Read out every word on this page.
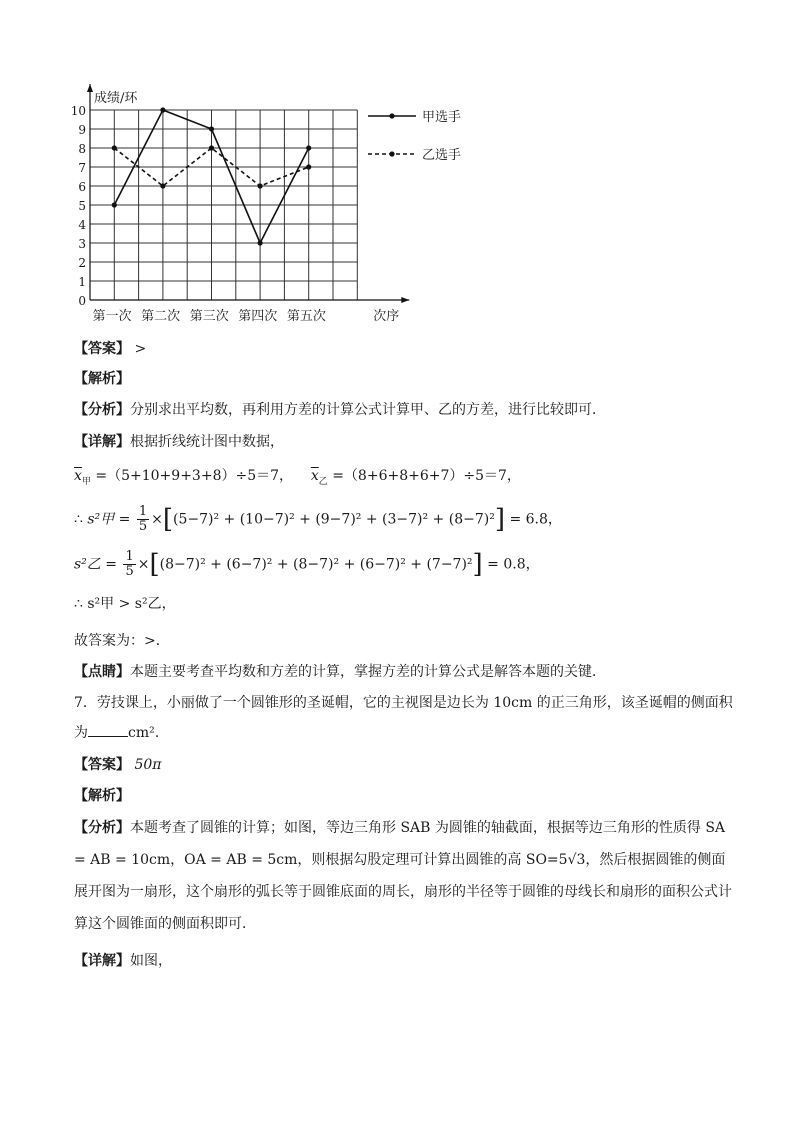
成绩/环
次序
0
1
2
3
4
5
6
7
8
9
10
第一次 第二次 第三次 第四次 第五次
甲选手
乙选手
【答案】 >
【解析】
【分析】分别求出平均数，再利用方差的计算公式计算甲、乙的方差，进行比较即可．
【详解】根据折线统计图中数据，
$\overline{x}_甲 =(5+10+9+3+8)\div 5=7$， $\overline{x}_乙 =(8+6+8+6+7)\div 5=7$，
∴ s²甲 = $\frac{1}{5} \times[(5-7)^2 + (10-7)^2 + (9-7)^2 + (3-7)^2 + (8-7)^2] = 6.8$，
s²乙 = $\frac{1}{5} \times[(8-7)^2 + (6-7)^2 + (8-7)^2 + (6-7)^2 + (7-7)^2] = 0.8$，
∴ s²甲 > s²乙，
故答案为：>．
【点睛】本题主要考查平均数和方差的计算，掌握方差的计算公式是解答本题的关键．
7．劳技课上，小丽做了一个圆锥形的圣诞帽，它的主视图是边长为 10cm 的正三角形，该圣诞帽的侧面积
为	cm².
【答案】 50π
【解析】
【分析】本题考查了圆锥的计算；如图，等边三角形 SAB 为圆锥的轴截面，根据等边三角形的性质得 SA = AB = 10cm，OA = AB = 5cm，则根据勾股定理可计算出圆锥的高 SO=5√3，然后根据圆锥的侧面展开图为一扇形，这个扇形的弧长等于圆锥底面的周长，扇形的半径等于圆锥的母线长和扇形的面积公式计算这个圆锥面的侧面积即可．
【详解】如图，
